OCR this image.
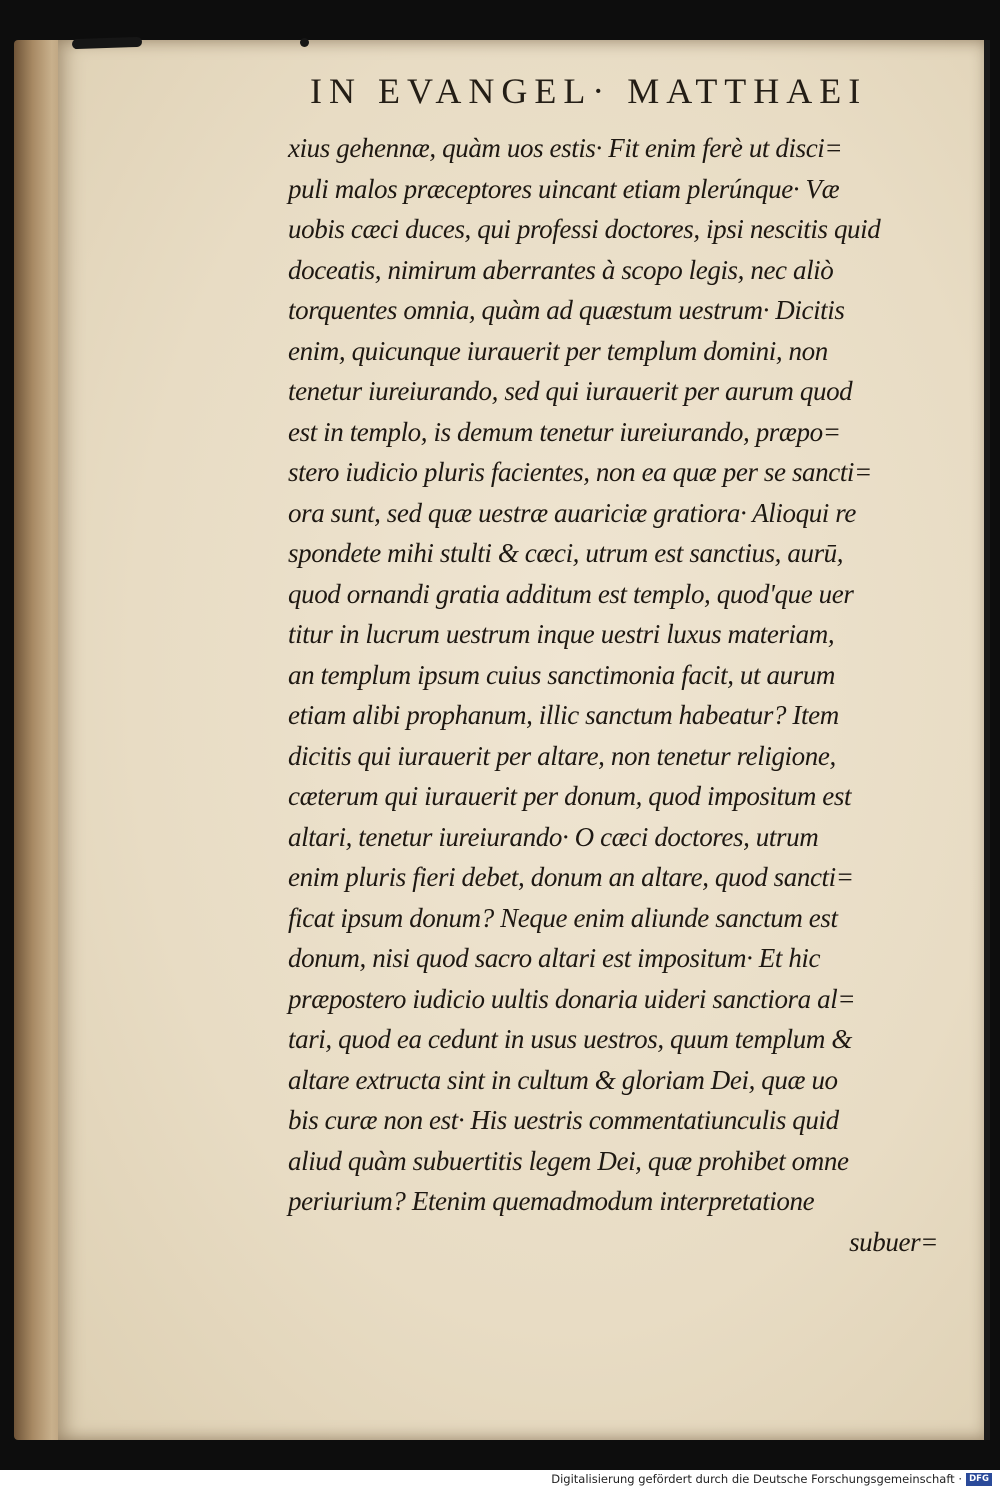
IN EVANGEL· MATTHAEI
xius gehennæ, quàm uos estis· Fit enim ferè ut disci=
puli malos præceptores uincant etiam plerúnque· Væ
uobis cæci duces, qui professi doctores, ipsi nescitis quid
doceatis, nimirum aberrantes à scopo legis, nec aliò
torquentes omnia, quàm ad quæstum uestrum· Dicitis
enim, quicunque iurauerit per templum domini, non
tenetur iureiurando, sed qui iurauerit per aurum quod
est in templo, is demum tenetur iureiurando, præpo=
stero iudicio pluris facientes, non ea quæ per se sancti=
ora sunt, sed quæ uestræ auariciæ gratiora· Alioqui re
spondete mihi stulti & cæci, utrum est sanctius, aurū,
quod ornandi gratia additum est templo, quod'que uer
titur in lucrum uestrum inque uestri luxus materiam,
an templum ipsum cuius sanctimonia facit, ut aurum
etiam alibi prophanum, illic sanctum habeatur? Item
dicitis qui iurauerit per altare, non tenetur religione,
cæterum qui iurauerit per donum, quod impositum est
altari, tenetur iureiurando· O cæci doctores, utrum
enim pluris fieri debet, donum an altare, quod sancti=
ficat ipsum donum? Neque enim aliunde sanctum est
donum, nisi quod sacro altari est impositum· Et hic
præpostero iudicio uultis donaria uideri sanctiora al=
tari, quod ea cedunt in usus uestros, quum templum &
altare extructa sint in cultum & gloriam Dei, quæ uo
bis curæ non est· His uestris commentatiunculis quid
aliud quàm subuertitis legem Dei, quæ prohibet omne
periurium? Etenim quemadmodum interpretatione
subuer=
Digitalisierung gefördert durch die Deutsche Forschungsgemeinschaft · DFG
